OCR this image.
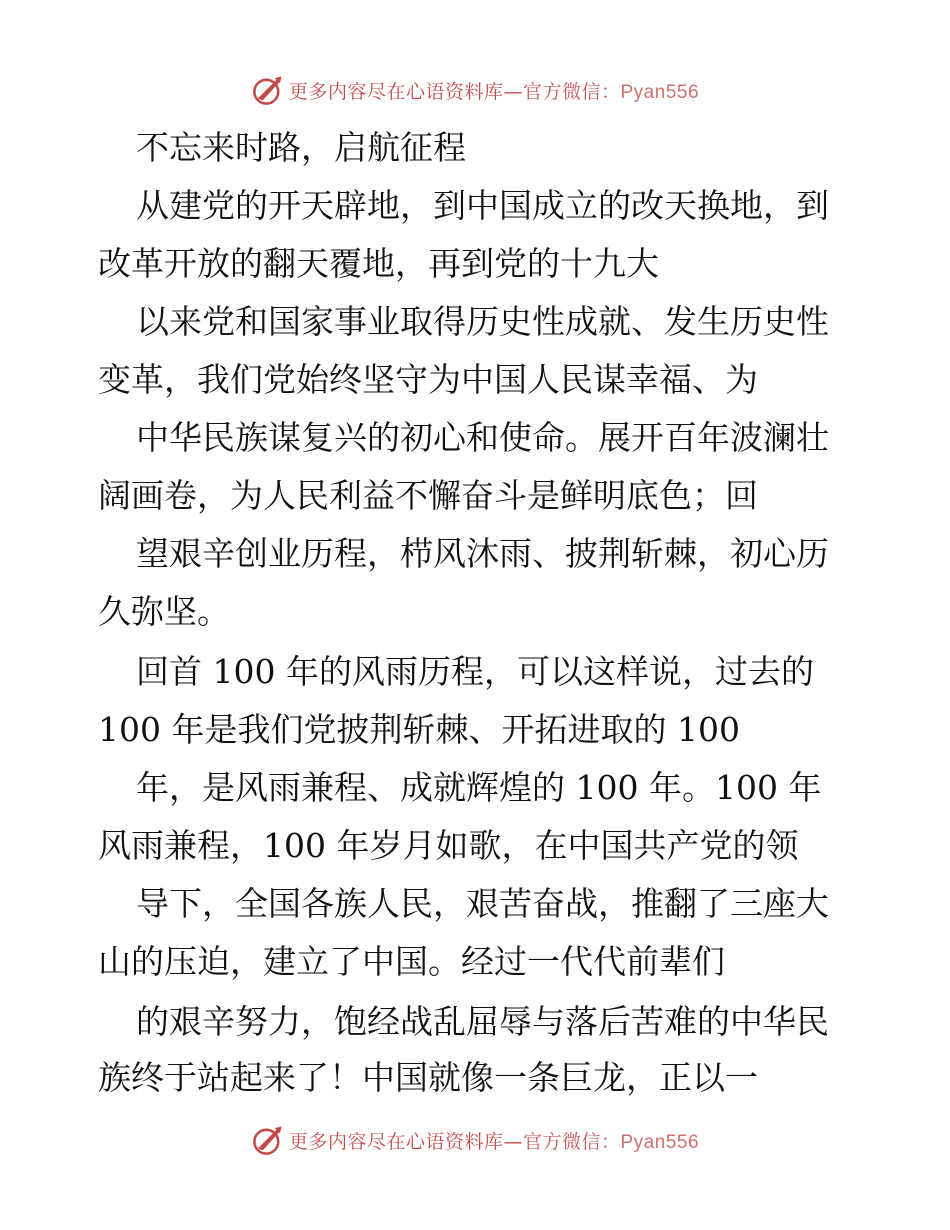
更多内容尽在心语资料库—官方微信：Pyan556
不忘来时路，启航征程
从建党的开天辟地，到中国成立的改天换地，到
改革开放的翻天覆地，再到党的十九大
以来党和国家事业取得历史性成就、发生历史性
变革，我们党始终坚守为中国人民谋幸福、为
中华民族谋复兴的初心和使命。展开百年波澜壮
阔画卷，为人民利益不懈奋斗是鲜明底色；回
望艰辛创业历程，栉风沐雨、披荆斩棘，初心历
久弥坚。
回首 100 年的风雨历程，可以这样说，过去的
100 年是我们党披荆斩棘、开拓进取的 100
年，是风雨兼程、成就辉煌的 100 年。100 年
风雨兼程，100 年岁月如歌，在中国共产党的领
导下，全国各族人民，艰苦奋战，推翻了三座大
山的压迫，建立了中国。经过一代代前辈们
的艰辛努力，饱经战乱屈辱与落后苦难的中华民
族终于站起来了！中国就像一条巨龙，正以一
更多内容尽在心语资料库—官方微信：Pyan556
